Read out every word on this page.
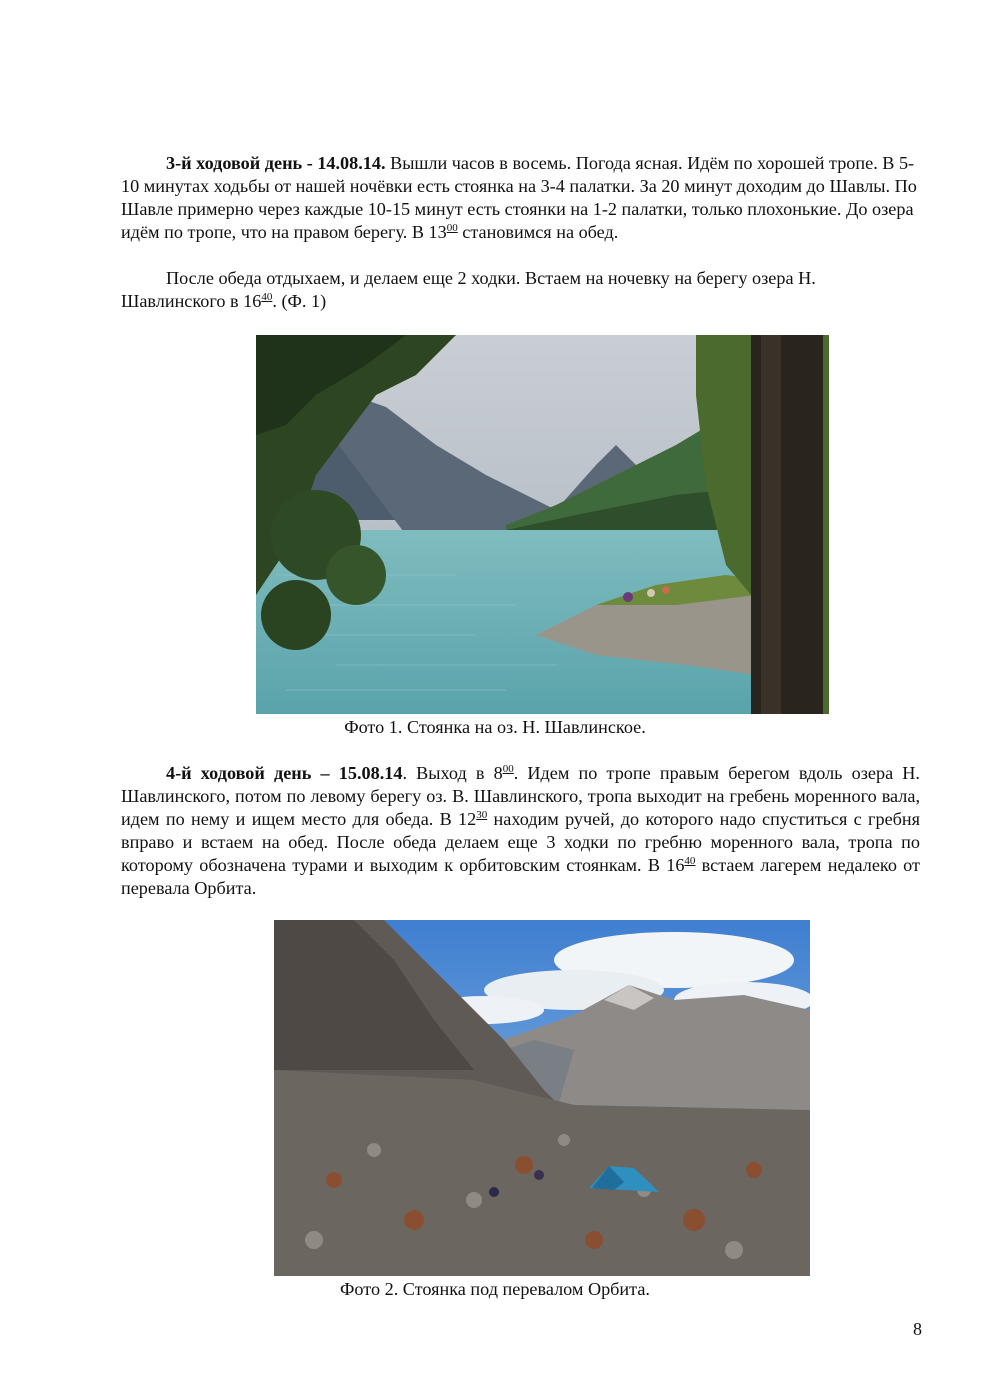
3-й ходовой день - 14.08.14. Вышли часов в восемь. Погода ясная. Идём по хорошей тропе. В 5-10 минутах ходьбы от нашей ночёвки есть стоянка на 3-4 палатки. За 20 минут доходим до Шавлы. По Шавле примерно через каждые 10-15 минут есть стоянки на 1-2 палатки, только плохонькие. До озера идём по тропе, что на правом берегу. В $13^{00}$ становимся на обед.

После обеда отдыхаем, и делаем еще 2 ходки. Встаем на ночевку на берегу озера Н. Шавлинского в $16^{40}$. (Ф. 1)

Фото 1. Стоянка на оз. Н. Шавлинское.

4-й ходовой день – 15.08.14. Выход в $8^{00}$. Идем по тропе правым берегом вдоль озера Н. Шавлинского, потом по левому берегу оз. В. Шавлинского, тропа выходит на гребень моренного вала, идем по нему и ищем место для обеда. В $12^{30}$ находим ручей, до которого надо спуститься с гребня вправо и встаем на обед. После обеда делаем еще 3 ходки по гребню моренного вала, тропа по которому обозначена турами и выходим к орбитовским стоянкам. В $16^{40}$ встаем лагерем недалеко от перевала Орбита.

Фото 2. Стоянка под перевалом Орбита.

8
